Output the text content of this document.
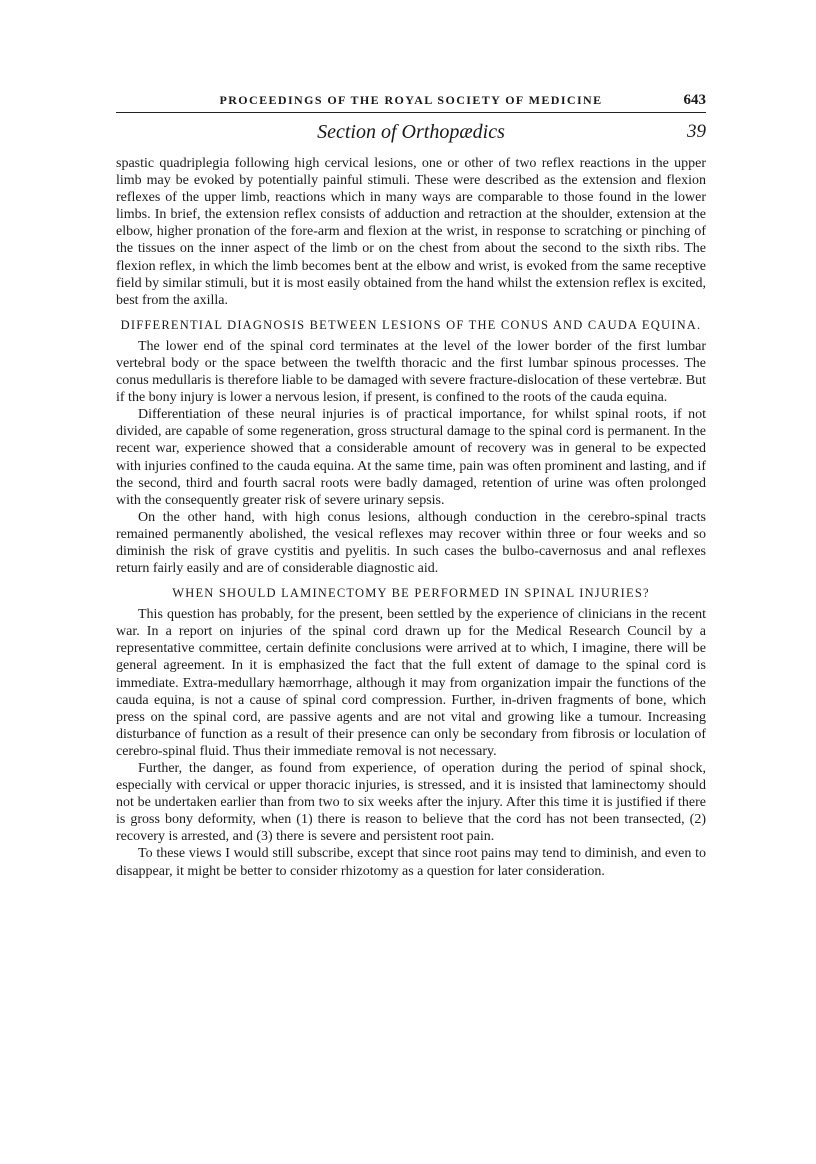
PROCEEDINGS OF THE ROYAL SOCIETY OF MEDICINE	643
Section of Orthopædics	39

spastic quadriplegia following high cervical lesions, one or other of two reflex reactions in the upper limb may be evoked by potentially painful stimuli. These were described as the extension and flexion reflexes of the upper limb, reactions which in many ways are comparable to those found in the lower limbs. In brief, the extension reflex consists of adduction and retraction at the shoulder, extension at the elbow, higher pronation of the fore-arm and flexion at the wrist, in response to scratching or pinching of the tissues on the inner aspect of the limb or on the chest from about the second to the sixth ribs. The flexion reflex, in which the limb becomes bent at the elbow and wrist, is evoked from the same receptive field by similar stimuli, but it is most easily obtained from the hand whilst the extension reflex is excited, best from the axilla.

DIFFERENTIAL DIAGNOSIS BETWEEN LESIONS OF THE CONUS AND CAUDA EQUINA.

The lower end of the spinal cord terminates at the level of the lower border of the first lumbar vertebral body or the space between the twelfth thoracic and the first lumbar spinous processes. The conus medullaris is therefore liable to be damaged with severe fracture-dislocation of these vertebræ. But if the bony injury is lower a nervous lesion, if present, is confined to the roots of the cauda equina.

Differentiation of these neural injuries is of practical importance, for whilst spinal roots, if not divided, are capable of some regeneration, gross structural damage to the spinal cord is permanent. In the recent war, experience showed that a considerable amount of recovery was in general to be expected with injuries confined to the cauda equina. At the same time, pain was often prominent and lasting, and if the second, third and fourth sacral roots were badly damaged, retention of urine was often prolonged with the consequently greater risk of severe urinary sepsis.

On the other hand, with high conus lesions, although conduction in the cerebro-spinal tracts remained permanently abolished, the vesical reflexes may recover within three or four weeks and so diminish the risk of grave cystitis and pyelitis. In such cases the bulbo-cavernosus and anal reflexes return fairly easily and are of considerable diagnostic aid.

WHEN SHOULD LAMINECTOMY BE PERFORMED IN SPINAL INJURIES?

This question has probably, for the present, been settled by the experience of clinicians in the recent war. In a report on injuries of the spinal cord drawn up for the Medical Research Council by a representative committee, certain definite conclusions were arrived at to which, I imagine, there will be general agreement. In it is emphasized the fact that the full extent of damage to the spinal cord is immediate. Extra-medullary hæmorrhage, although it may from organization impair the functions of the cauda equina, is not a cause of spinal cord compression. Further, in-driven fragments of bone, which press on the spinal cord, are passive agents and are not vital and growing like a tumour. Increasing disturbance of function as a result of their presence can only be secondary from fibrosis or loculation of cerebro-spinal fluid. Thus their immediate removal is not necessary.

Further, the danger, as found from experience, of operation during the period of spinal shock, especially with cervical or upper thoracic injuries, is stressed, and it is insisted that laminectomy should not be undertaken earlier than from two to six weeks after the injury. After this time it is justified if there is gross bony deformity, when (1) there is reason to believe that the cord has not been transected, (2) recovery is arrested, and (3) there is severe and persistent root pain.

To these views I would still subscribe, except that since root pains may tend to diminish, and even to disappear, it might be better to consider rhizotomy as a question for later consideration.
